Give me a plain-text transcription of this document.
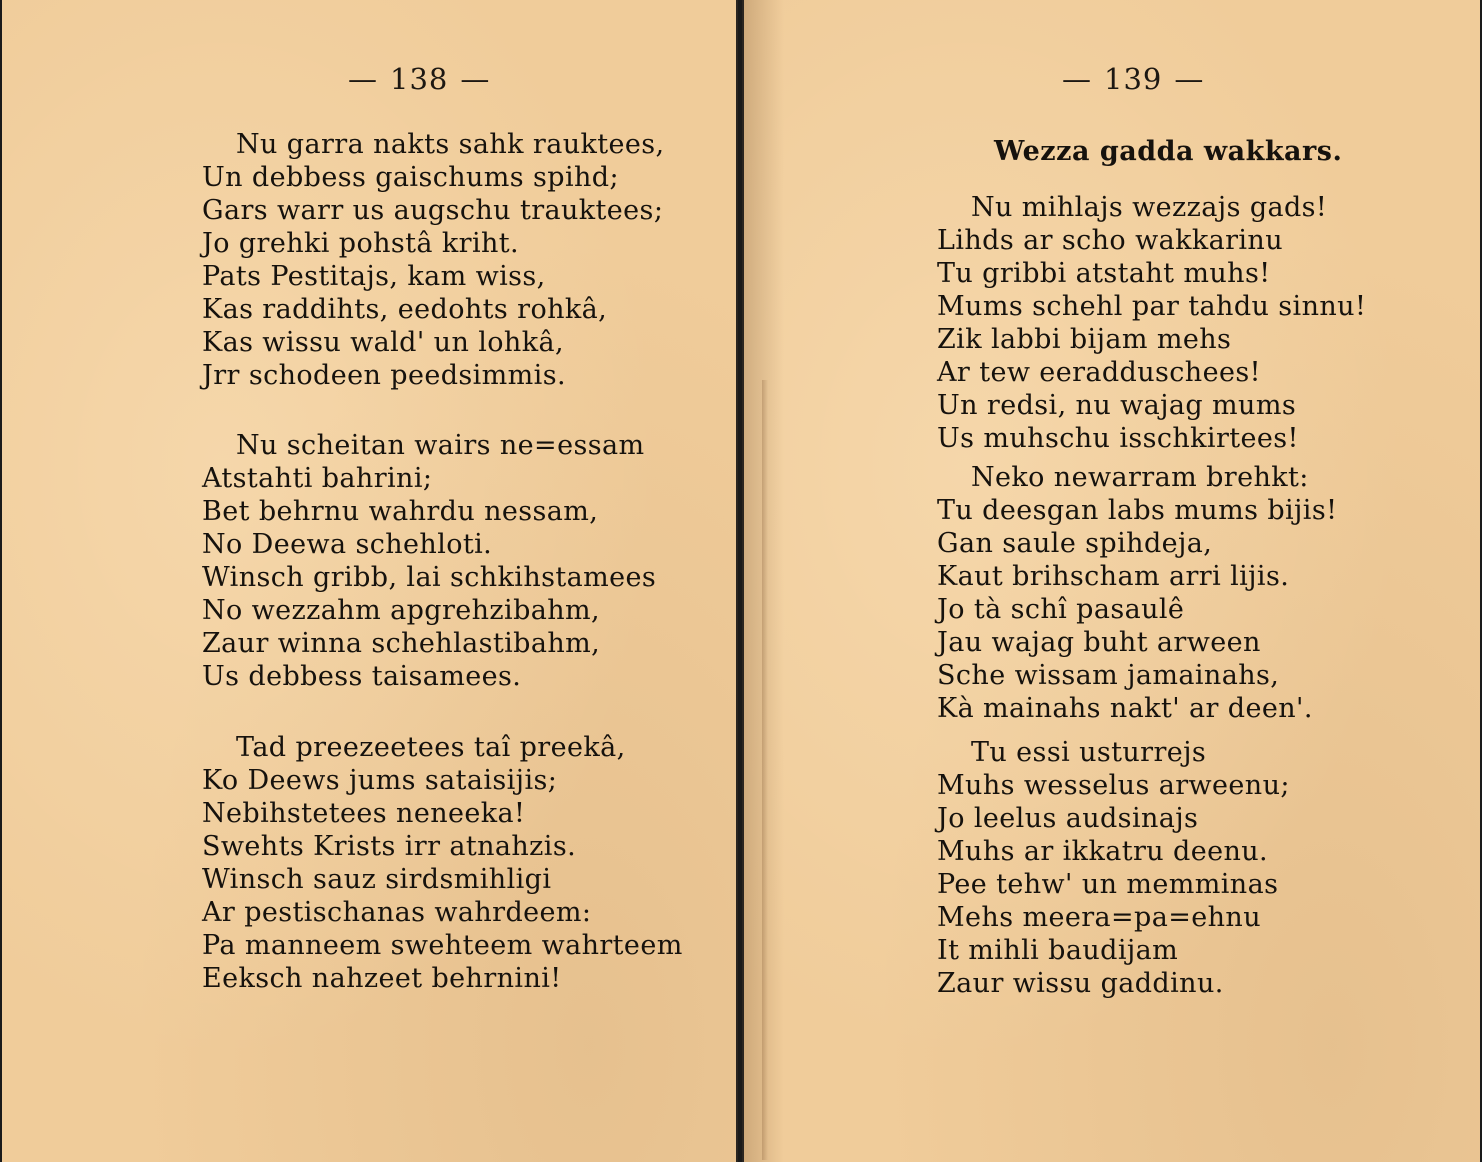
— 138 —
Nu garra nakts sahk rauktees,
Un debbess gaischums spihd;
Gars warr us augschu trauktees;
Jo grehki pohstâ kriht.
Pats Pestitajs, kam wiss,
Kas raddihts, eedohts rohkâ,
Kas wissu wald' un lohkâ,
Jrr schodeen peedsimmis.
Nu scheitan wairs ne=essam
Atstahti bahrini;
Bet behrnu wahrdu nessam,
No Deewa schehloti.
Winsch gribb, lai schkihstamees
No wezzahm apgrehzibahm,
Zaur winna schehlastibahm,
Us debbess taisamees.
Tad preezeetees taî preekâ,
Ko Deews jums sataisijis;
Nebihstetees neneeka!
Swehts Krists irr atnahzis.
Winsch sauz sirdsmihligi
Ar pestischanas wahrdeem:
Pa manneem swehteem wahrteem
Eeksch nahzeet behrnini!
— 139 —
Wezza gadda wakkars.
Nu mihlajs wezzajs gads!
Lihds ar scho wakkarinu
Tu gribbi atstaht muhs!
Mums schehl par tahdu sinnu!
Zik labbi bijam mehs
Ar tew eeradduschees!
Un redsi, nu wajag mums
Us muhschu isschkirtees!
Neko newarram brehkt:
Tu deesgan labs mums bijis!
Gan saule spihdeja,
Kaut brihscham arri lijis.
Jo tà schî pasaulê
Jau wajag buht arween
Sche wissam jamainahs,
Kà mainahs nakt' ar deen'.
Tu essi usturrejs
Muhs wesselus arweenu;
Jo leelus audsinajs
Muhs ar ikkatru deenu.
Pee tehw' un memminas
Mehs meera=pa=ehnu
It mihli baudijam
Zaur wissu gaddinu.
